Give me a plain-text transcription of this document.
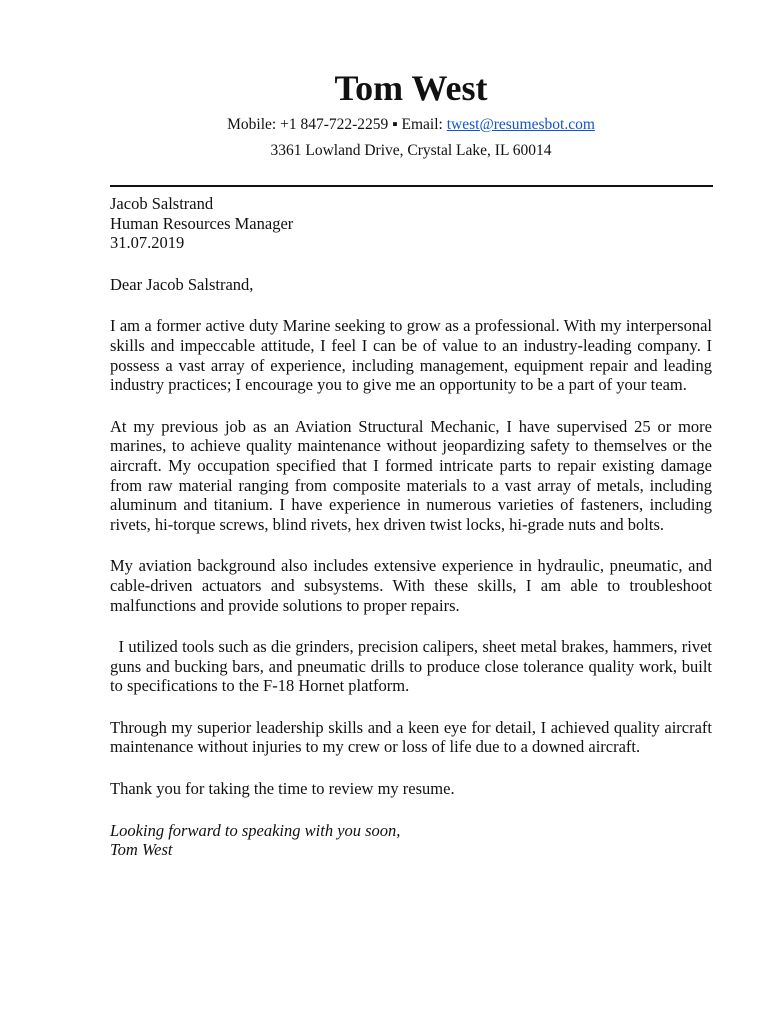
Tom West
Mobile: +1 847-722-2259 ▪ Email: twest@resumesbot.com
3361 Lowland Drive, Crystal Lake, IL 60014
Jacob Salstrand
Human Resources Manager
31.07.2019

Dear Jacob Salstrand,

I am a former active duty Marine seeking to grow as a professional. With my interpersonal skills and impeccable attitude, I feel I can be of value to an industry-leading company. I possess a vast array of experience, including management, equipment repair and leading industry practices; I encourage you to give me an opportunity to be a part of your team.

At my previous job as an Aviation Structural Mechanic, I have supervised 25 or more marines, to achieve quality maintenance without jeopardizing safety to themselves or the aircraft. My occupation specified that I formed intricate parts to repair existing damage from raw material ranging from composite materials to a vast array of metals, including aluminum and titanium. I have experience in numerous varieties of fasteners, including rivets, hi-torque screws, blind rivets, hex driven twist locks, hi-grade nuts and bolts.

My aviation background also includes extensive experience in hydraulic, pneumatic, and cable-driven actuators and subsystems. With these skills, I am able to troubleshoot malfunctions and provide solutions to proper repairs.

I utilized tools such as die grinders, precision calipers, sheet metal brakes, hammers, rivet guns and bucking bars, and pneumatic drills to produce close tolerance quality work, built to specifications to the F-18 Hornet platform.

Through my superior leadership skills and a keen eye for detail, I achieved quality aircraft maintenance without injuries to my crew or loss of life due to a downed aircraft.

Thank you for taking the time to review my resume.

Looking forward to speaking with you soon,
Tom West
